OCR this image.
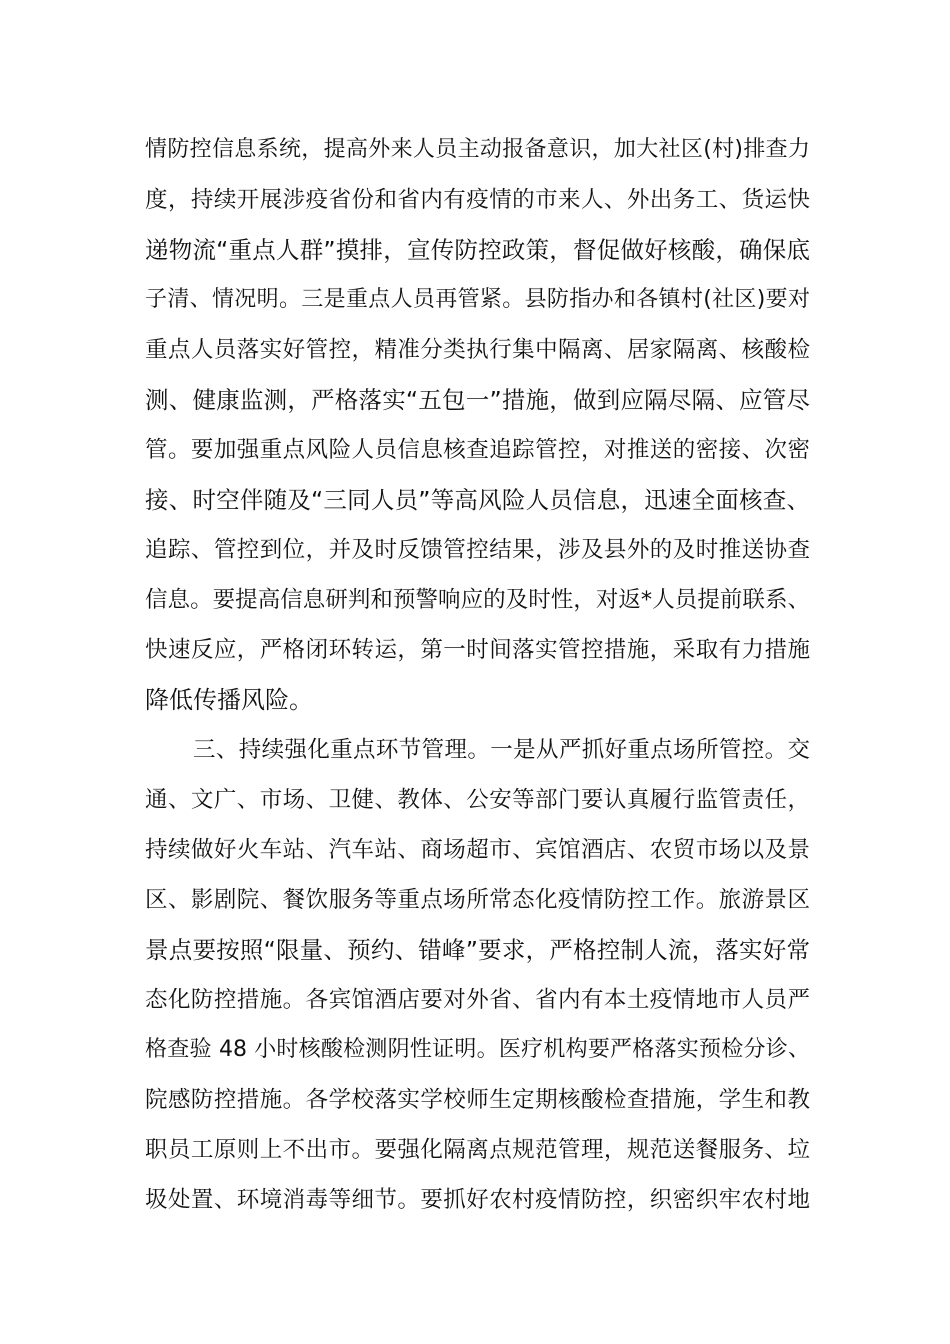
情防控信息系统，提高外来人员主动报备意识，加大社区(村)排查力
度，持续开展涉疫省份和省内有疫情的市来人、外出务工、货运快
递物流“重点人群”摸排，宣传防控政策，督促做好核酸，确保底
子清、情况明。三是重点人员再管紧。县防指办和各镇村(社区)要对
重点人员落实好管控，精准分类执行集中隔离、居家隔离、核酸检
测、健康监测，严格落实“五包一”措施，做到应隔尽隔、应管尽
管。要加强重点风险人员信息核查追踪管控，对推送的密接、次密
接、时空伴随及“三同人员”等高风险人员信息，迅速全面核查、
追踪、管控到位，并及时反馈管控结果，涉及县外的及时推送协查
信息。要提高信息研判和预警响应的及时性，对返*人员提前联系、
快速反应，严格闭环转运，第一时间落实管控措施，采取有力措施
降低传播风险。
三、持续强化重点环节管理。一是从严抓好重点场所管控。交
通、文广、市场、卫健、教体、公安等部门要认真履行监管责任，
持续做好火车站、汽车站、商场超市、宾馆酒店、农贸市场以及景
区、影剧院、餐饮服务等重点场所常态化疫情防控工作。旅游景区
景点要按照“限量、预约、错峰”要求，严格控制人流，落实好常
态化防控措施。各宾馆酒店要对外省、省内有本土疫情地市人员严
格查验 48 小时核酸检测阴性证明。医疗机构要严格落实预检分诊、
院感防控措施。各学校落实学校师生定期核酸检查措施，学生和教
职员工原则上不出市。要强化隔离点规范管理，规范送餐服务、垃
圾处置、环境消毒等细节。要抓好农村疫情防控，织密织牢农村地
